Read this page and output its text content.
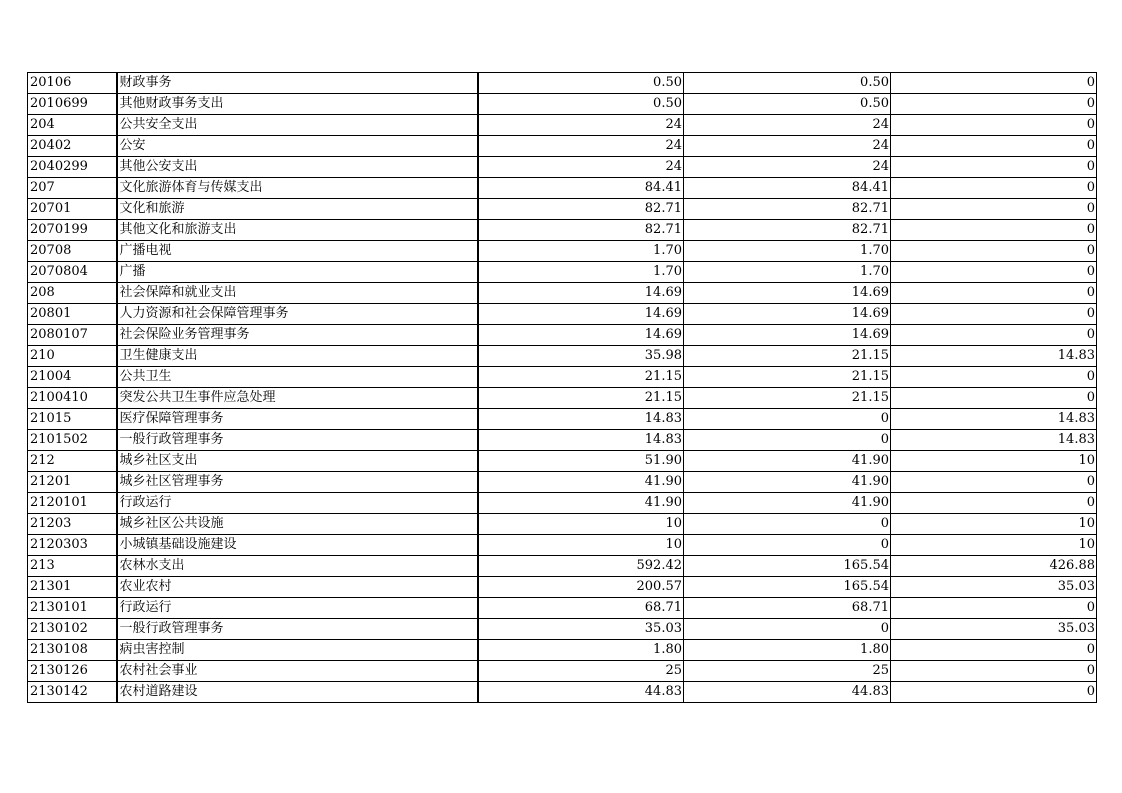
20106	财政事务	0.50	0.50	0
2010699	其他财政事务支出	0.50	0.50	0
204	公共安全支出	24	24	0
20402	公安	24	24	0
2040299	其他公安支出	24	24	0
207	文化旅游体育与传媒支出	84.41	84.41	0
20701	文化和旅游	82.71	82.71	0
2070199	其他文化和旅游支出	82.71	82.71	0
20708	广播电视	1.70	1.70	0
2070804	广播	1.70	1.70	0
208	社会保障和就业支出	14.69	14.69	0
20801	人力资源和社会保障管理事务	14.69	14.69	0
2080107	社会保险业务管理事务	14.69	14.69	0
210	卫生健康支出	35.98	21.15	14.83
21004	公共卫生	21.15	21.15	0
2100410	突发公共卫生事件应急处理	21.15	21.15	0
21015	医疗保障管理事务	14.83	0	14.83
2101502	一般行政管理事务	14.83	0	14.83
212	城乡社区支出	51.90	41.90	10
21201	城乡社区管理事务	41.90	41.90	0
2120101	行政运行	41.90	41.90	0
21203	城乡社区公共设施	10	0	10
2120303	小城镇基础设施建设	10	0	10
213	农林水支出	592.42	165.54	426.88
21301	农业农村	200.57	165.54	35.03
2130101	行政运行	68.71	68.71	0
2130102	一般行政管理事务	35.03	0	35.03
2130108	病虫害控制	1.80	1.80	0
2130126	农村社会事业	25	25	0
2130142	农村道路建设	44.83	44.83	0
